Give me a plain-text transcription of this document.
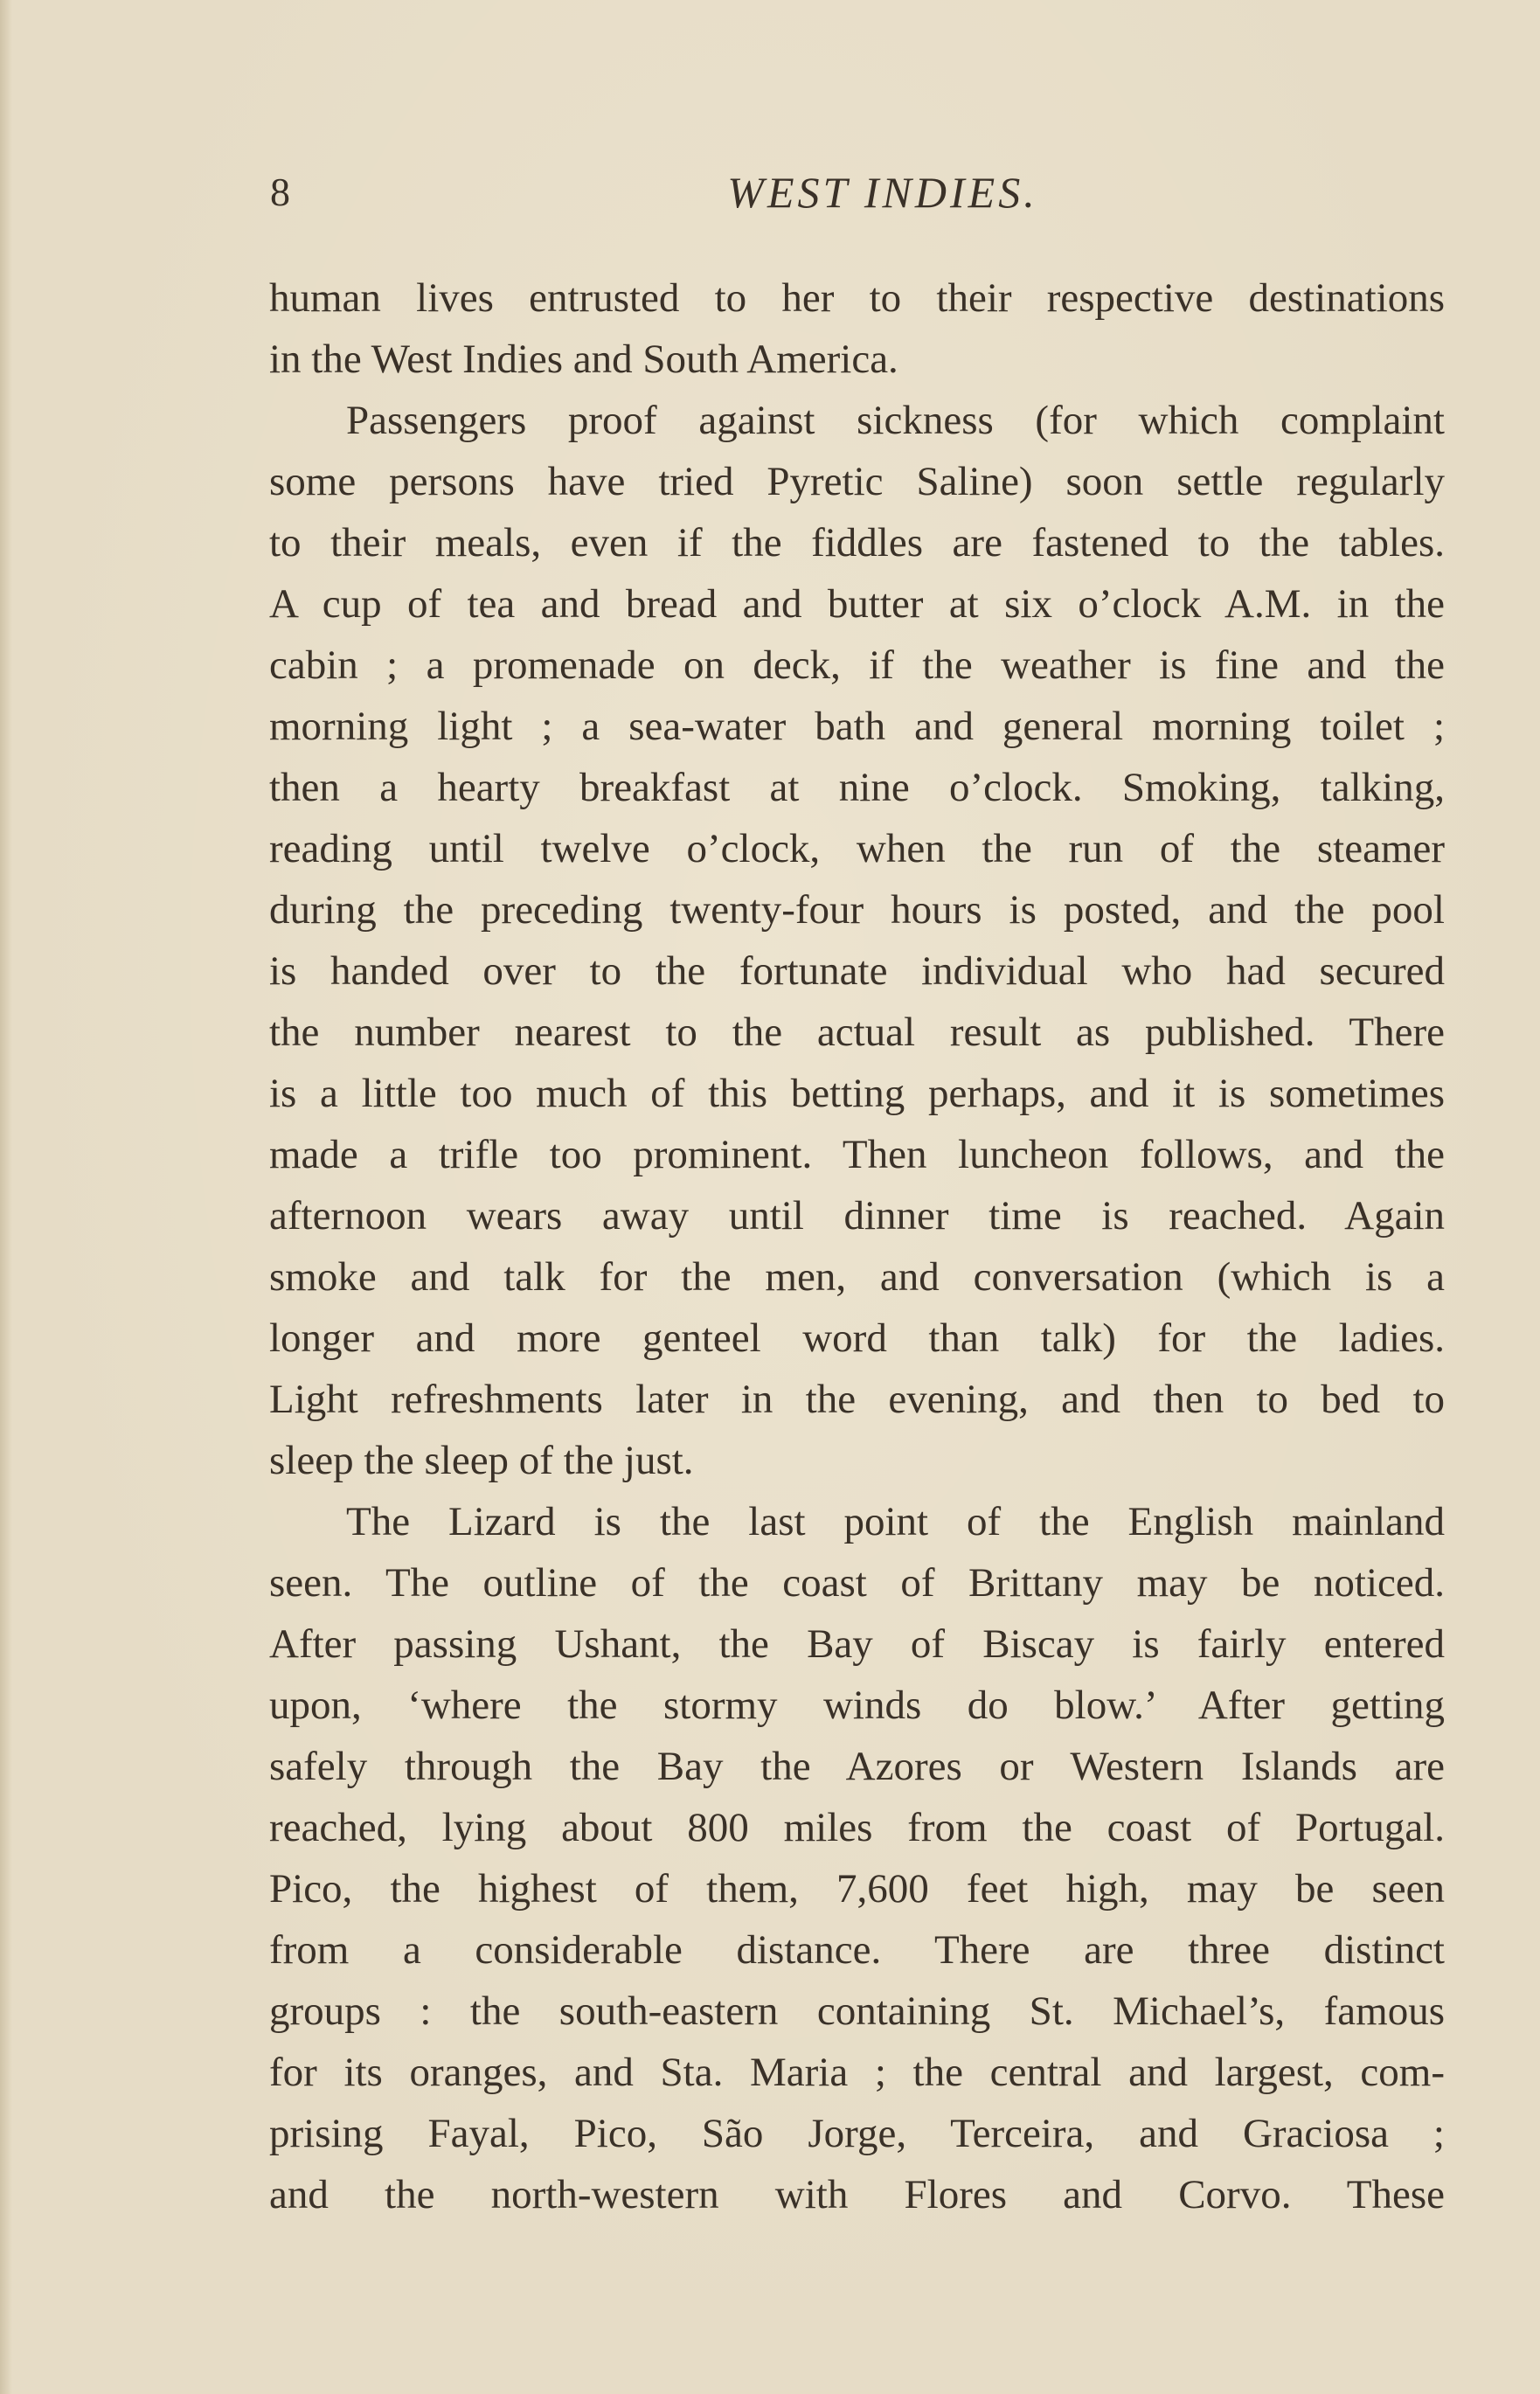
8	WEST INDIES.
human lives entrusted to her to their respective destinations
in the West Indies and South America.
Passengers proof against sickness (for which complaint
some persons have tried Pyretic Saline) soon settle regularly
to their meals, even if the fiddles are fastened to the tables.
A cup of tea and bread and butter at six o’clock A.M. in the
cabin ; a promenade on deck, if the weather is fine and the
morning light ; a sea-water bath and general morning toilet ;
then a hearty breakfast at nine o’clock. Smoking, talking,
reading until twelve o’clock, when the run of the steamer
during the preceding twenty-four hours is posted, and the pool
is handed over to the fortunate individual who had secured
the number nearest to the actual result as published. There
is a little too much of this betting perhaps, and it is sometimes
made a trifle too prominent. Then luncheon follows, and the
afternoon wears away until dinner time is reached. Again
smoke and talk for the men, and conversation (which is a
longer and more genteel word than talk) for the ladies.
Light refreshments later in the evening, and then to bed to
sleep the sleep of the just.
The Lizard is the last point of the English mainland
seen. The outline of the coast of Brittany may be noticed.
After passing Ushant, the Bay of Biscay is fairly entered
upon, ‘where the stormy winds do blow.’ After getting
safely through the Bay the Azores or Western Islands are
reached, lying about 800 miles from the coast of Portugal.
Pico, the highest of them, 7,600 feet high, may be seen
from a considerable distance. There are three distinct
groups : the south-eastern containing St. Michael’s, famous
for its oranges, and Sta. Maria ; the central and largest, com-
prising Fayal, Pico, São Jorge, Terceira, and Graciosa ;
and the north-western with Flores and Corvo. These
